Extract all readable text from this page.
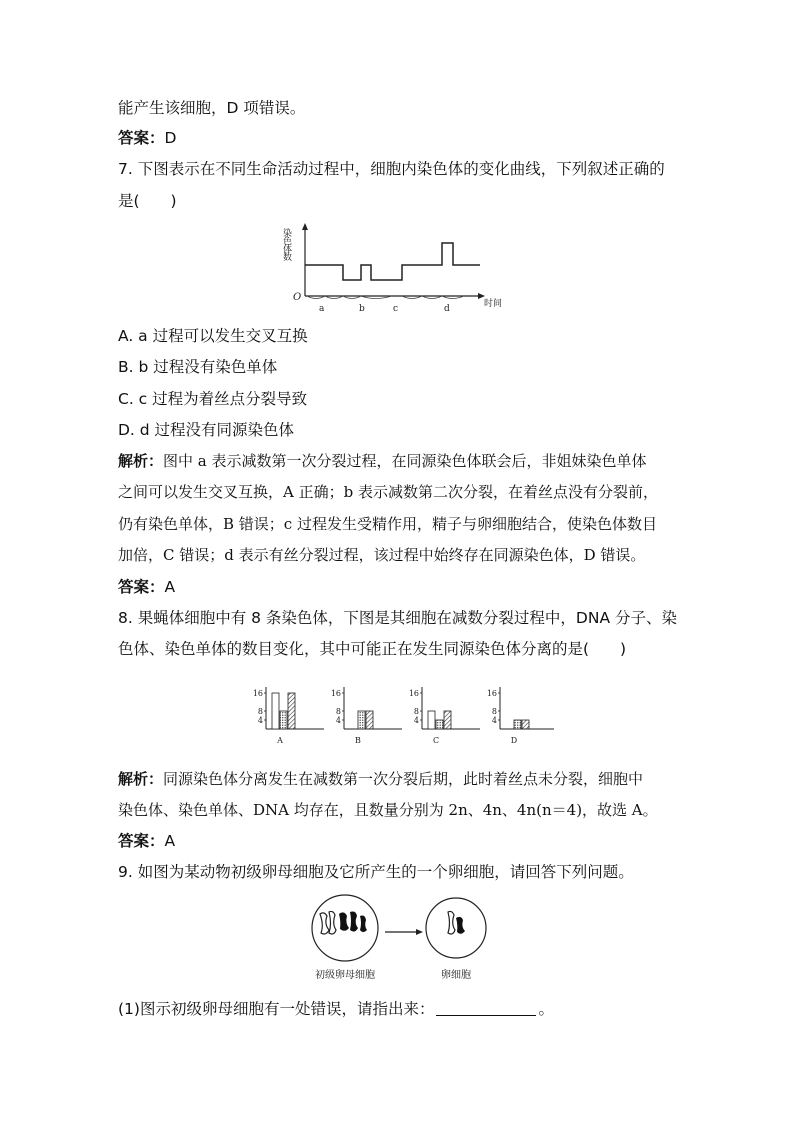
能产生该细胞，D 项错误。
答案：D
7. 下图表示在不同生命活动过程中，细胞内染色体的变化曲线，下列叙述正确的
是(　　)
染色体数
O
时间
a	b	c	d
A. a 过程可以发生交叉互换
B. b 过程没有染色单体
C. c 过程为着丝点分裂导致
D. d 过程没有同源染色体
解析：图中 a 表示减数第一次分裂过程，在同源染色体联会后，非姐妹染色单体
之间可以发生交叉互换，A 正确；b 表示减数第二次分裂，在着丝点没有分裂前，
仍有染色单体，B 错误；c 过程发生受精作用，精子与卵细胞结合，使染色体数目
加倍，C 错误；d 表示有丝分裂过程，该过程中始终存在同源染色体，D 错误。
答案：A
8. 果蝇体细胞中有 8 条染色体，下图是其细胞在减数分裂过程中，DNA 分子、染
色体、染色单体的数目变化，其中可能正在发生同源染色体分离的是(　　)
16
8
4
A
16
8
4
B
16
8
4
C
16
8
4
D
解析：同源染色体分离发生在减数第一次分裂后期，此时着丝点未分裂，细胞中
染色体、染色单体、DNA 均存在，且数量分别为 2n、4n、4n(n＝4)，故选 A。
答案：A
9. 如图为某动物初级卵母细胞及它所产生的一个卵细胞，请回答下列问题。
初级卵母细胞	卵细胞
(1)图示初级卵母细胞有一处错误，请指出来：	。
